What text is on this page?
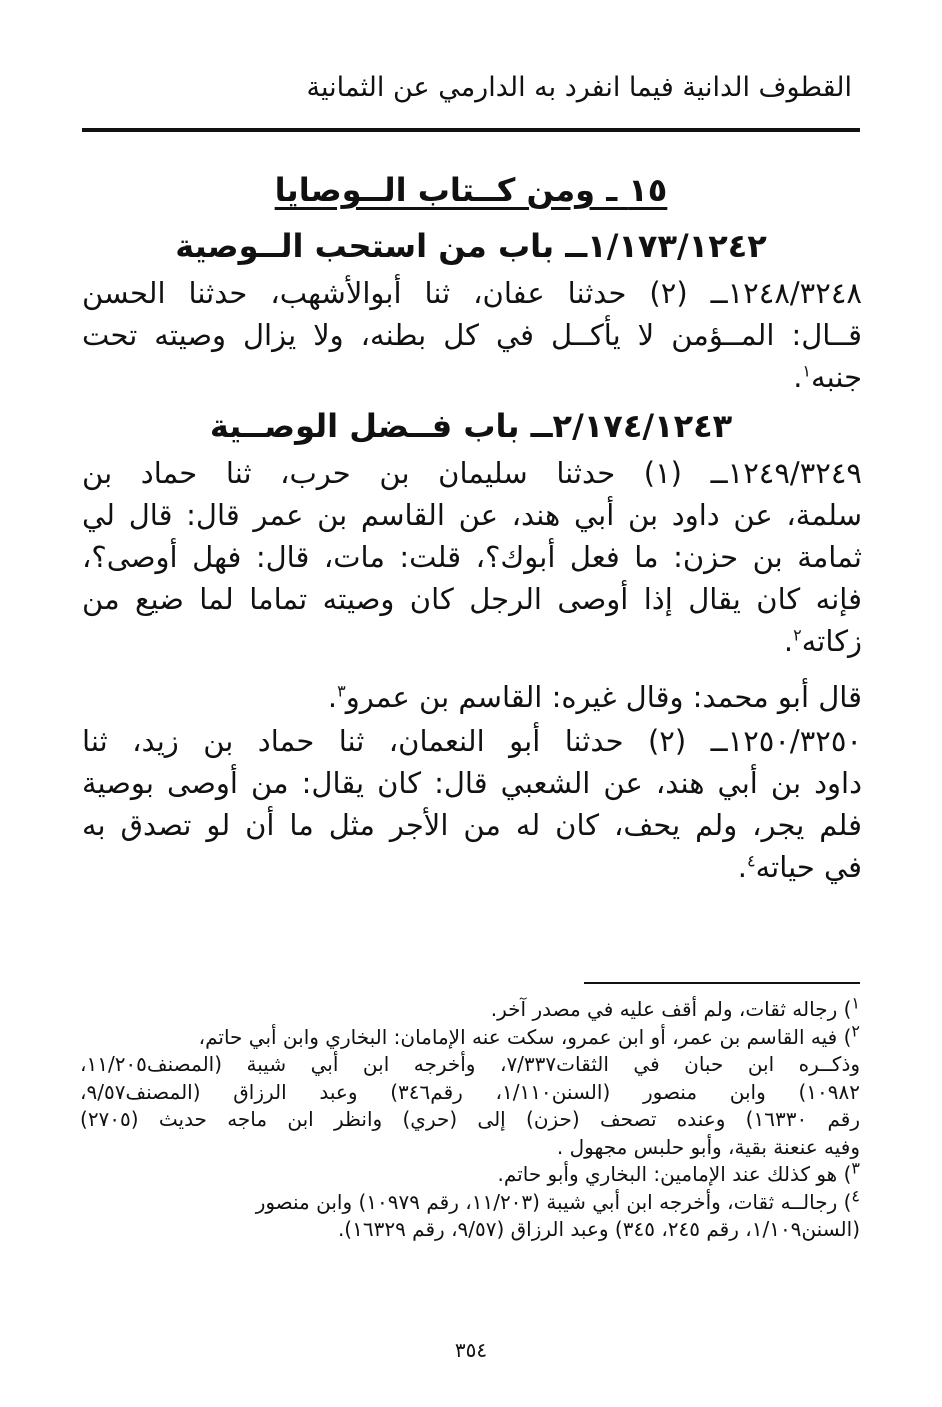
القطوف الدانية فيما انفرد به الدارمي عن الثمانية
١٥ ـ ومن كــتاب الــوصايا
١/١٧٣/١٢٤٢ــ باب من استحب الــوصية
١٢٤٨/٣٢٤٨ــ (٢) حدثنا عفان، ثنا أبوالأشهب، حدثنا الحسن
قــال: المــؤمن لا يأكــل في كل بطنه، ولا يزال وصيته تحت
جنبه$^١$.
٢/١٧٤/١٢٤٣ــ باب فــضل الوصــية
١٢٤٩/٣٢٤٩ــ (١) حدثنا سليمان بن حرب، ثنا حماد بن
سلمة، عن داود بن أبي هند، عن القاسم بن عمر قال: قال لي
ثمامة بن حزن: ما فعل أبوك؟، قلت: مات، قال: فهل أوصى؟،
فإنه كان يقال إذا أوصى الرجل كان وصيته تماما لما ضيع من
زكاته$^٢$.
قال أبو محمد: وقال غيره: القاسم بن عمرو$^٣$.
١٢٥٠/٣٢٥٠ــ (٢) حدثنا أبو النعمان، ثنا حماد بن زيد، ثنا
داود بن أبي هند، عن الشعبي قال: كان يقال: من أوصى بوصية
فلم يجر، ولم يحف، كان له من الأجر مثل ما أن لو تصدق به
في حياته$^٤$.
$^١$) رجاله ثقات، ولم أقف عليه في مصدر آخر.
$^٢$) فيه القاسم بن عمر، أو ابن عمرو، سكت عنه الإمامان: البخاري وابن أبي حاتم،
وذكــره ابن حبان في الثقات٧/٣٣٧، وأخرجه ابن أبي شيبة (المصنف١١/٢٠٥،
١٠٩٨٢) وابن منصور (السنن١/١١٠، رقم٣٤٦) وعبد الرزاق (المصنف٩/٥٧،
رقم ١٦٣٣٠) وعنده تصحف (حزن) إلى (حري) وانظر ابن ماجه حديث (٢٧٠٥)
وفيه عنعنة بقية، وأبو حلبس مجهول .
$^٣$) هو كذلك عند الإمامين: البخاري وأبو حاتم.
$^٤$) رجالــه ثقات، وأخرجه ابن أبي شيبة (١١/٢٠٣، رقم ١٠٩٧٩) وابن منصور
(السنن١/١٠٩، رقم ٢٤٥، ٣٤٥) وعبد الرزاق (٩/٥٧، رقم ١٦٣٢٩).
٣٥٤
